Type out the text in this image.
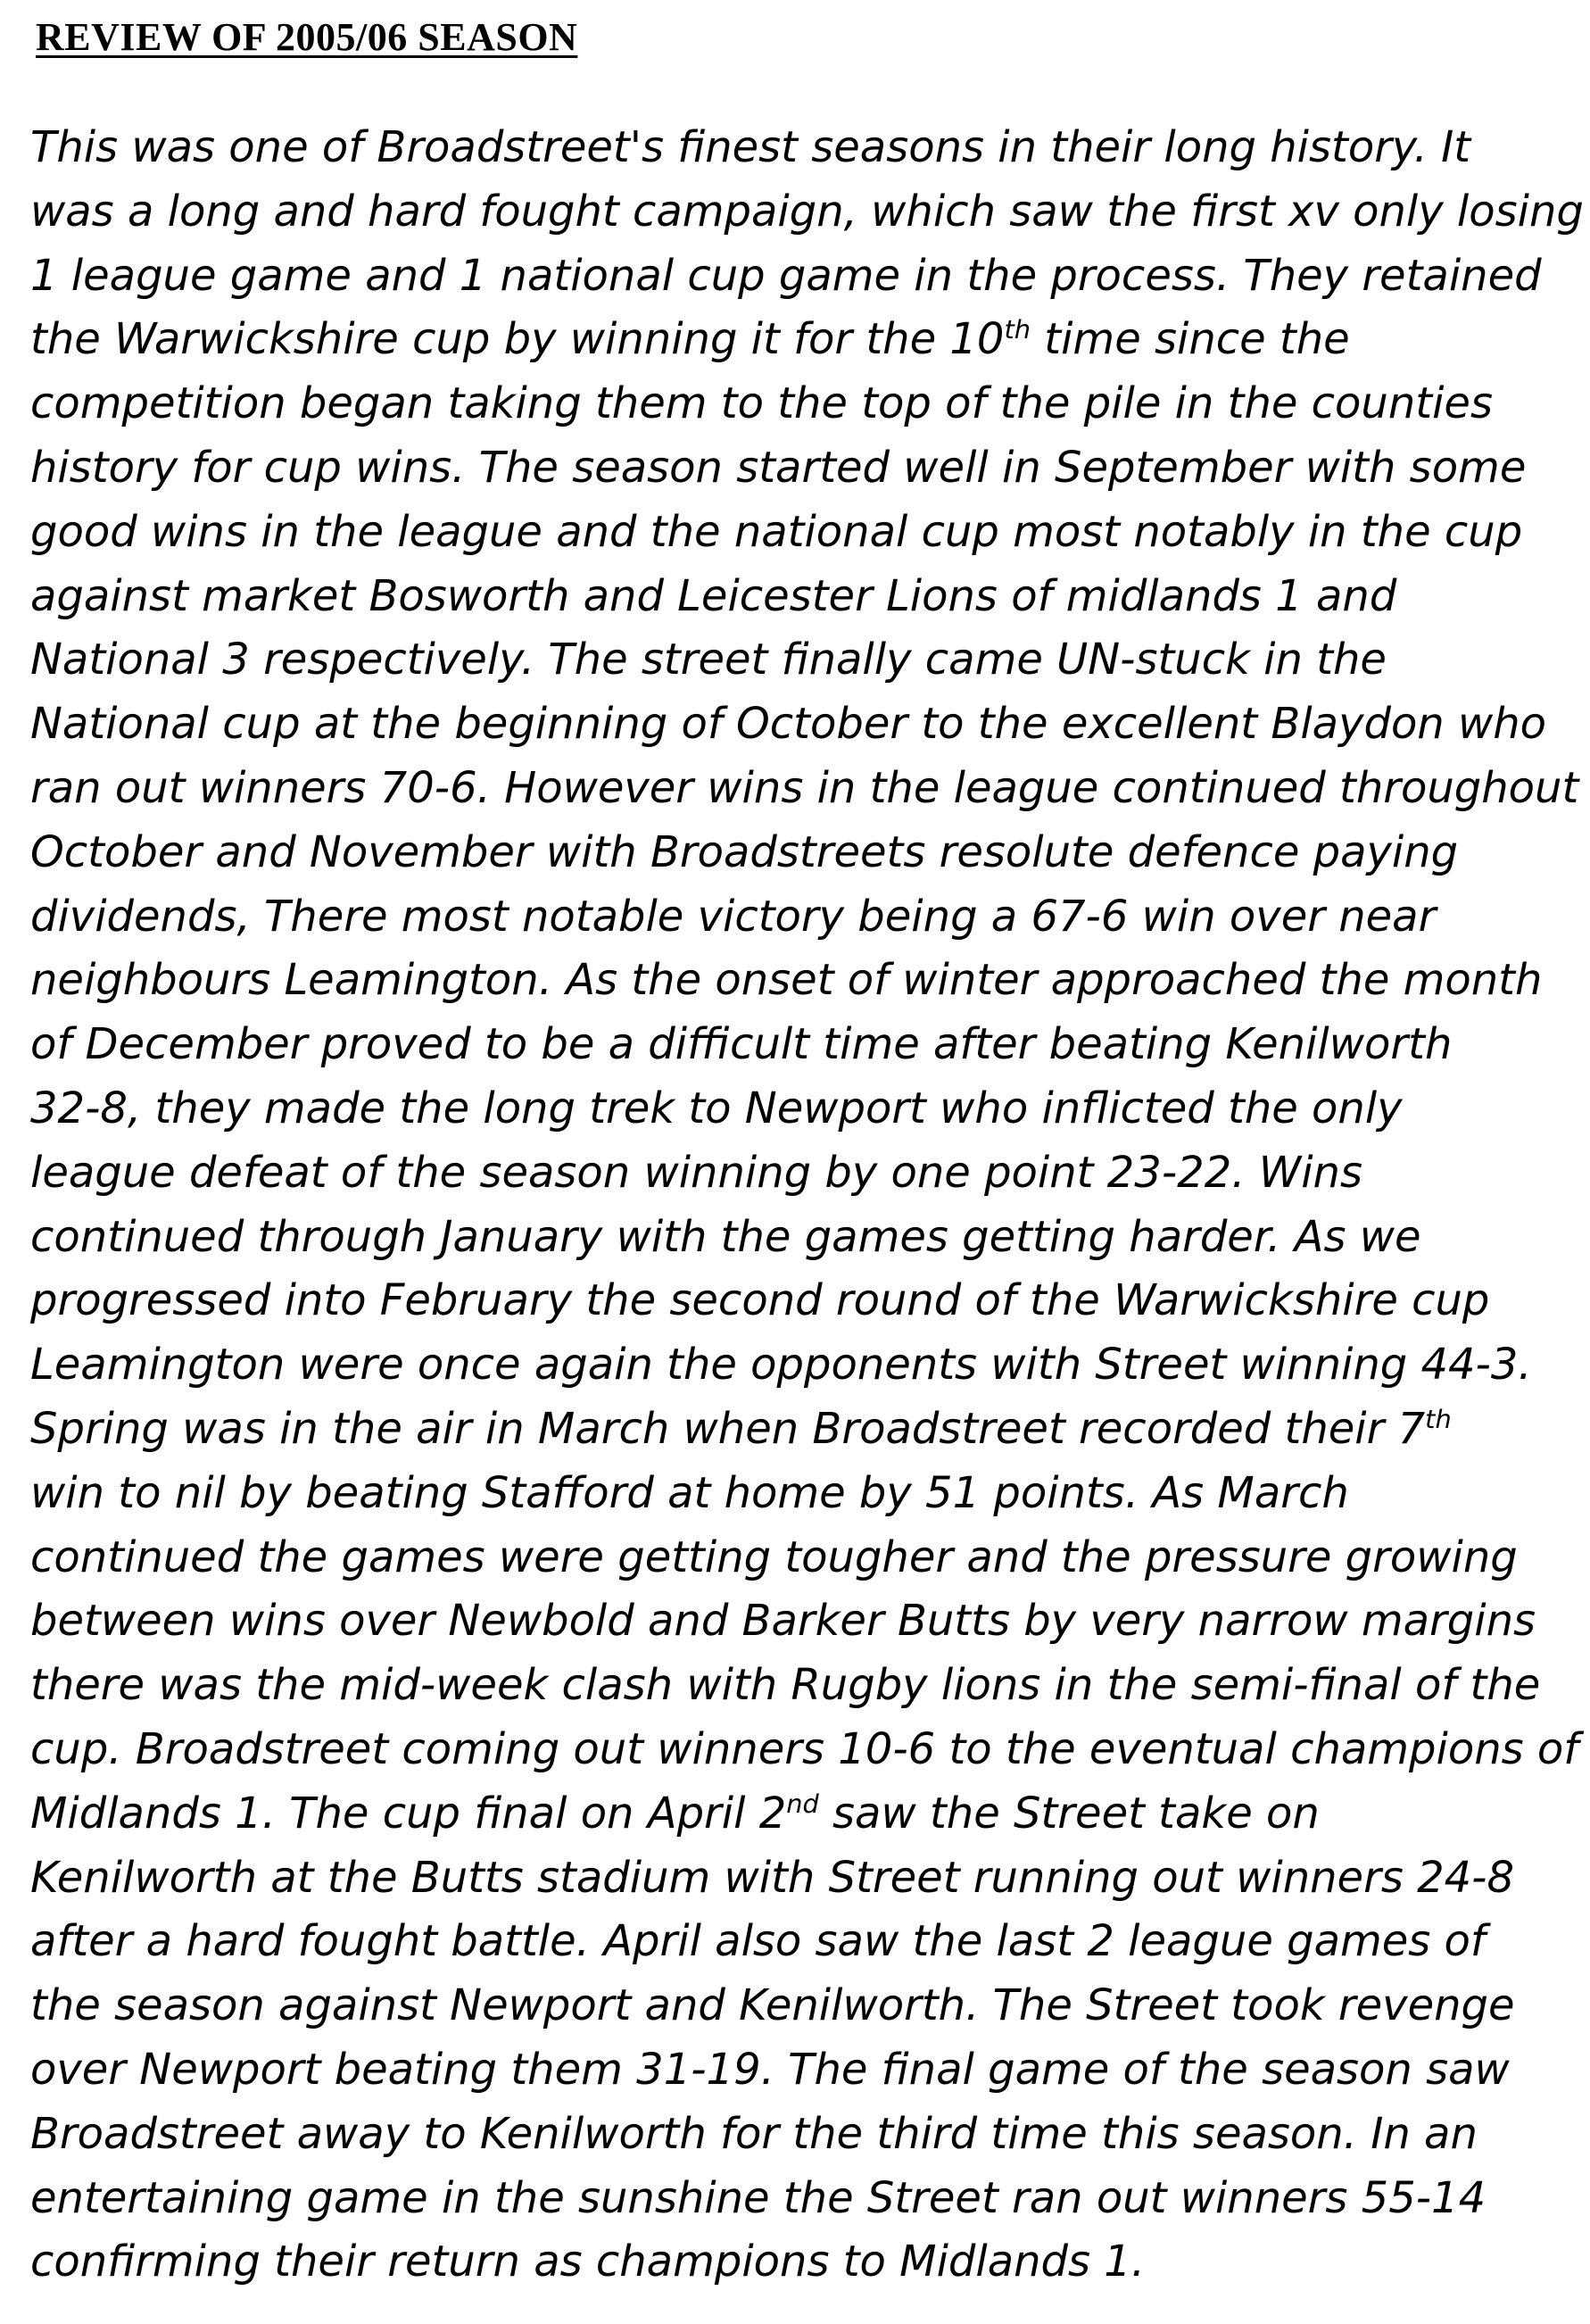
REVIEW OF 2005/06 SEASON
This was one of Broadstreet's finest seasons in their long history. It
was a long and hard fought campaign, which saw the first xv only losing
1 league game and 1 national cup game in the process. They retained
the Warwickshire cup by winning it for the 10th time since the
competition began taking them to the top of the pile in the counties
history for cup wins. The season started well in September with some
good wins in the league and the national cup most notably in the cup
against market Bosworth and Leicester Lions of midlands 1 and
National 3 respectively. The street finally came UN-stuck in the
National cup at the beginning of October to the excellent Blaydon who
ran out winners 70-6. However wins in the league continued throughout
October and November with Broadstreets resolute defence paying
dividends, There most notable victory being a 67-6 win over near
neighbours Leamington. As the onset of winter approached the month
of December proved to be a difficult time after beating Kenilworth
32-8, they made the long trek to Newport who inflicted the only
league defeat of the season winning by one point 23-22. Wins
continued through January with the games getting harder. As we
progressed into February the second round of the Warwickshire cup
Leamington were once again the opponents with Street winning 44-3.
Spring was in the air in March when Broadstreet recorded their 7th
win to nil by beating Stafford at home by 51 points. As March
continued the games were getting tougher and the pressure growing
between wins over Newbold and Barker Butts by very narrow margins
there was the mid-week clash with Rugby lions in the semi-final of the
cup. Broadstreet coming out winners 10-6 to the eventual champions of
Midlands 1. The cup final on April 2nd saw the Street take on
Kenilworth at the Butts stadium with Street running out winners 24-8
after a hard fought battle. April also saw the last 2 league games of
the season against Newport and Kenilworth. The Street took revenge
over Newport beating them 31-19. The final game of the season saw
Broadstreet away to Kenilworth for the third time this season. In an
entertaining game in the sunshine the Street ran out winners 55-14
confirming their return as champions to Midlands 1.
